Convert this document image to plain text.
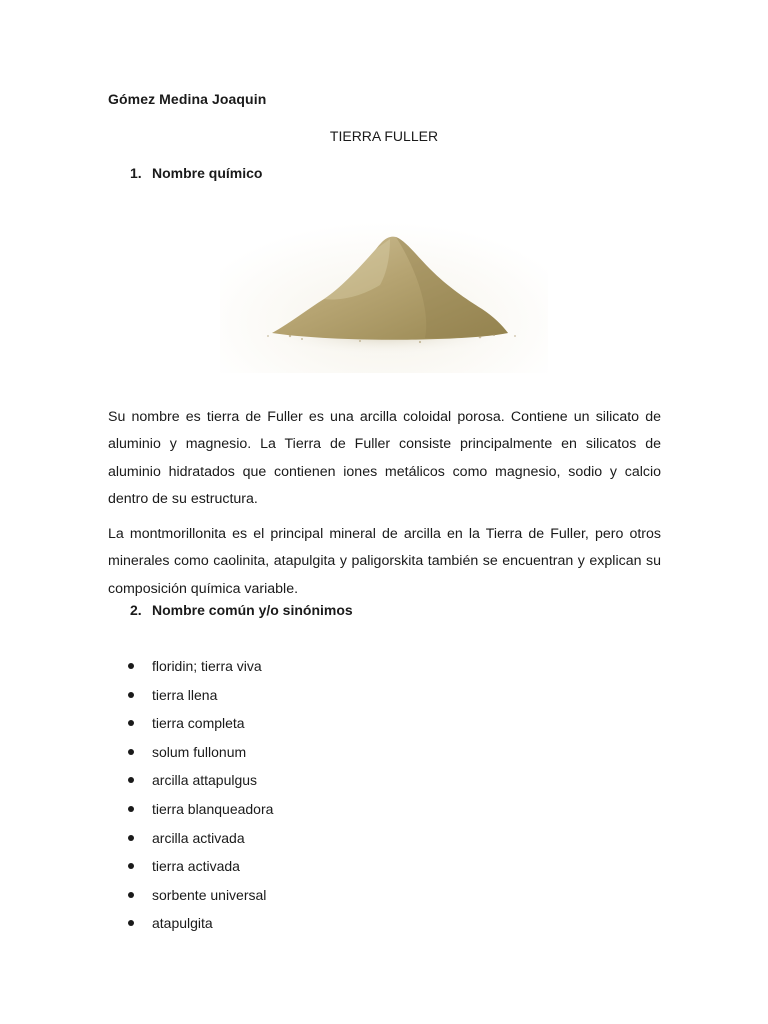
Gómez Medina Joaquin
TIERRA FULLER
1. Nombre químico

Su nombre es tierra de Fuller es una arcilla coloidal porosa. Contiene un silicato de aluminio y magnesio. La Tierra de Fuller consiste principalmente en silicatos de aluminio hidratados que contienen iones metálicos como magnesio, sodio y calcio dentro de su estructura.

La montmorillonita es el principal mineral de arcilla en la Tierra de Fuller, pero otros minerales como caolinita, atapulgita y paligorskita también se encuentran y explican su composición química variable.

2. Nombre común y/o sinónimos
floridin; tierra viva
tierra llena
tierra completa
solum fullonum
arcilla attapulgus
tierra blanqueadora
arcilla activada
tierra activada
sorbente universal
atapulgita
